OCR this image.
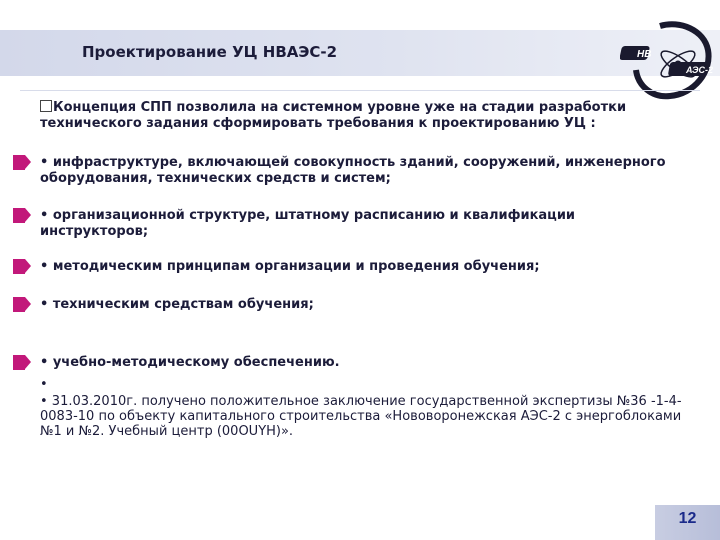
Проектирование УЦ НВАЭС-2	НВ
АЭС-2
Концепция СПП позволила на системном уровне уже на стадии разработки технического задания сформировать требования к проектированию УЦ :
• инфраструктуре, включающей совокупность зданий, сооружений, инженерного оборудования, технических средств и систем;
• организационной структуре, штатному расписанию и квалификации инструкторов;
• методическим принципам организации и проведения обучения;
• техническим средствам обучения;
• учебно-методическому обеспечению.
•
• 31.03.2010г. получено положительное заключение государственной экспертизы №36 -1-4-0083-10 по объекту капитального строительства «Нововоронежская АЭС-2 с энергоблоками №1 и №2. Учебный центр (00OUYH)».
12
